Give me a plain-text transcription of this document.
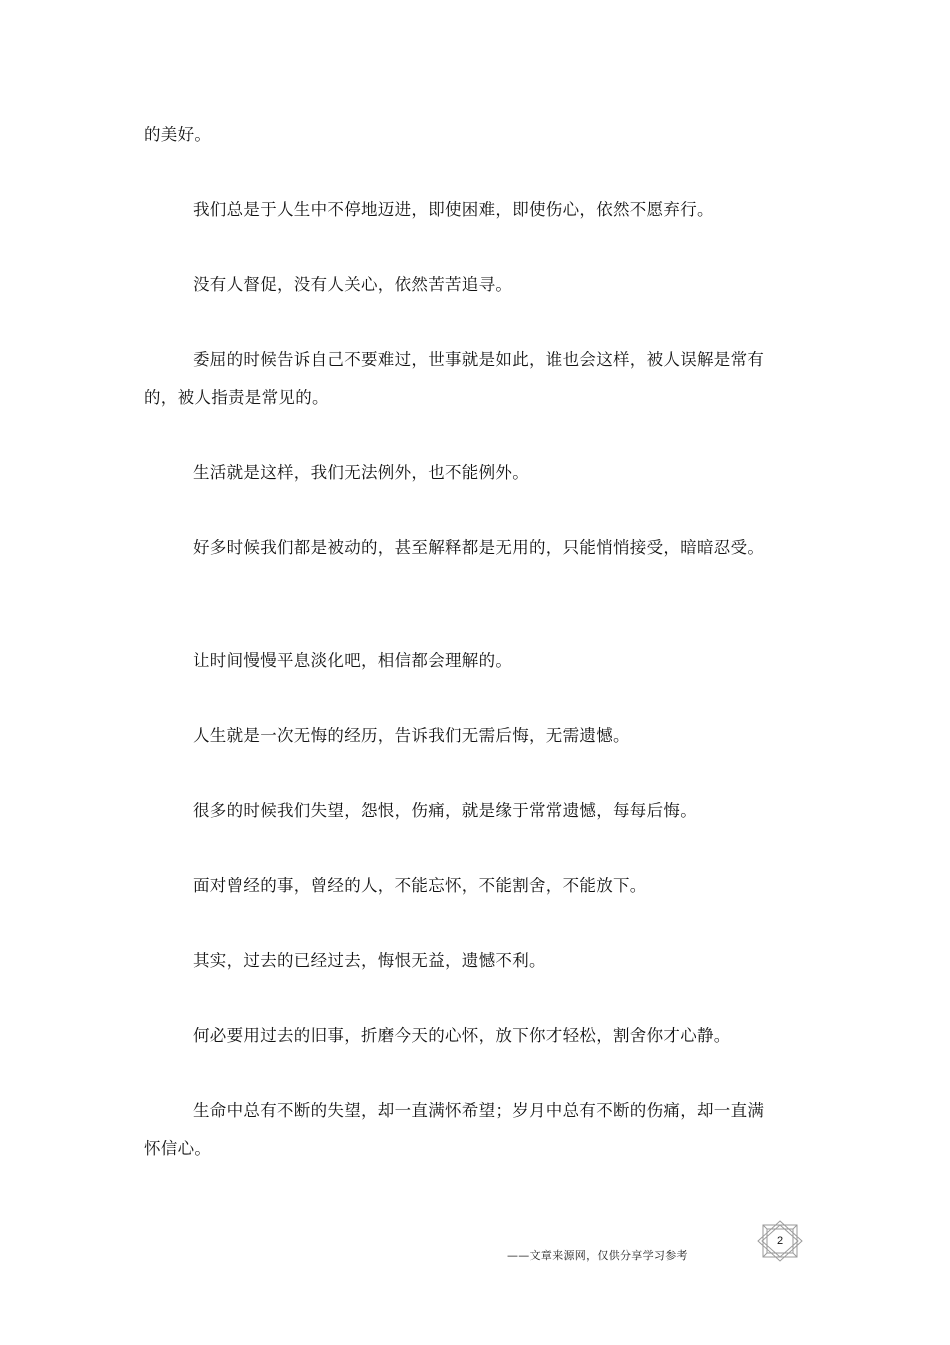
的美好。

我们总是于人生中不停地迈进，即使困难，即使伤心，依然不愿弃行。

没有人督促，没有人关心，依然苦苦追寻。

委屈的时候告诉自己不要难过，世事就是如此，谁也会这样，被人误解是常有的，被人指责是常见的。

生活就是这样，我们无法例外，也不能例外。

好多时候我们都是被动的，甚至解释都是无用的，只能悄悄接受，暗暗忍受。

让时间慢慢平息淡化吧，相信都会理解的。

人生就是一次无悔的经历，告诉我们无需后悔，无需遗憾。

很多的时候我们失望，怨恨，伤痛，就是缘于常常遗憾，每每后悔。

面对曾经的事，曾经的人，不能忘怀，不能割舍，不能放下。

其实，过去的已经过去，悔恨无益，遗憾不利。

何必要用过去的旧事，折磨今天的心怀，放下你才轻松，割舍你才心静。

生命中总有不断的失望，却一直满怀希望；岁月中总有不断的伤痛，却一直满怀信心。

——文章来源网，仅供分享学习参考
2
